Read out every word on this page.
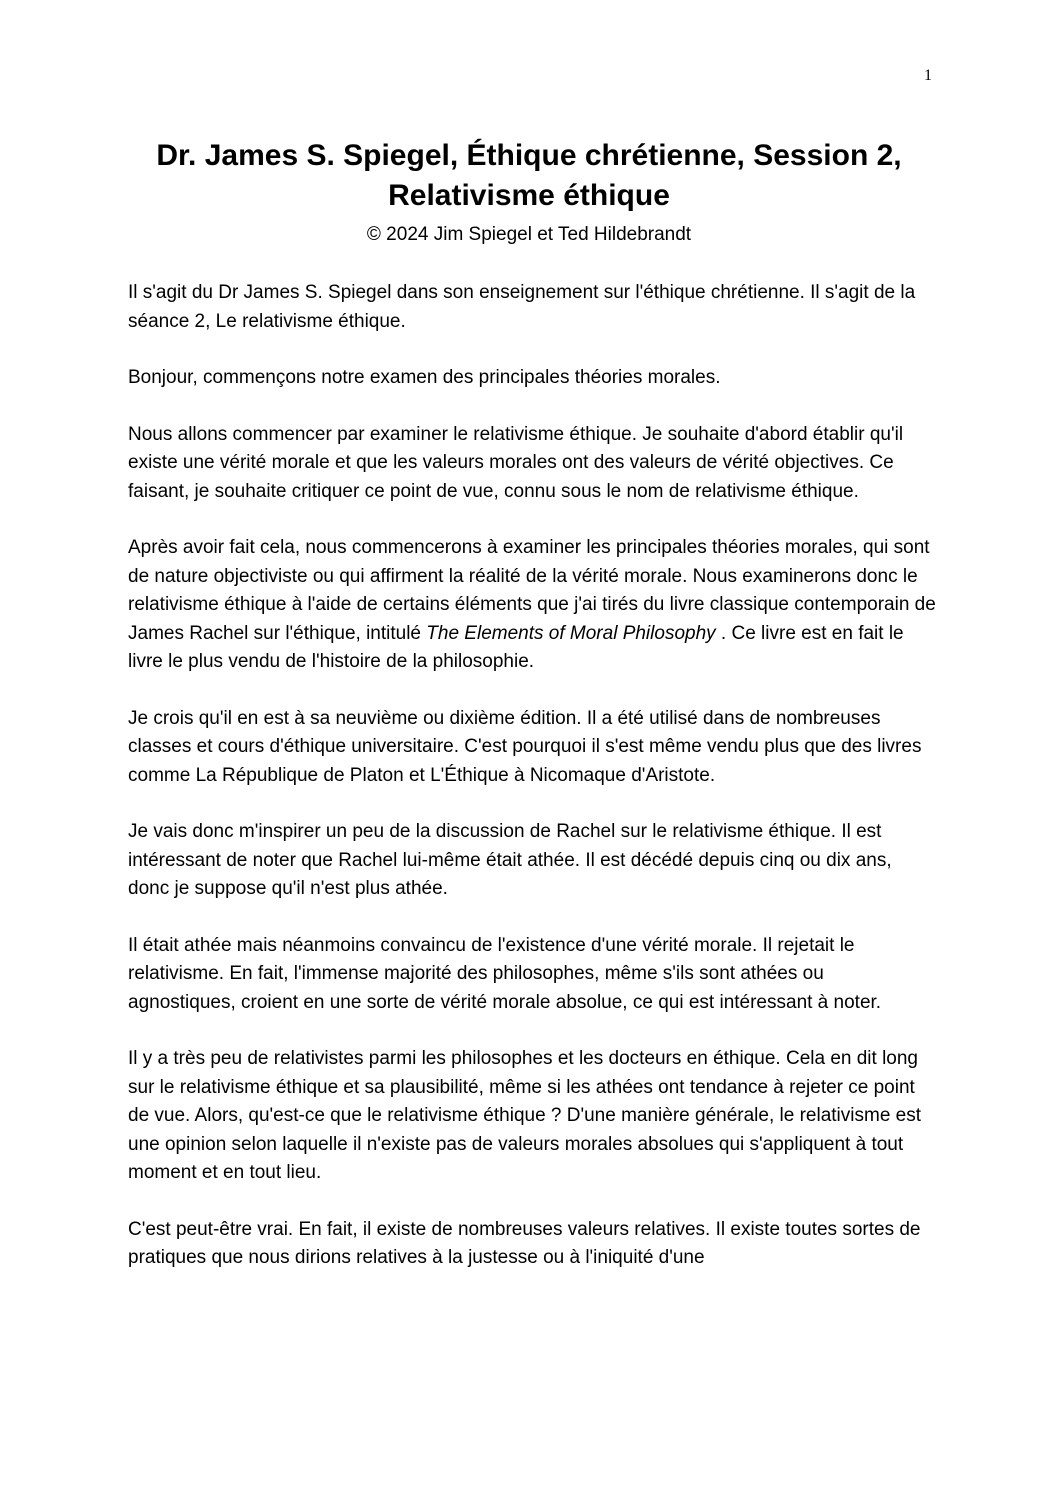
1
Dr. James S. Spiegel, Éthique chrétienne, Session 2,
Relativisme éthique
© 2024 Jim Spiegel et Ted Hildebrandt

Il s'agit du Dr James S. Spiegel dans son enseignement sur l'éthique chrétienne. Il s'agit de la séance 2, Le relativisme éthique.

Bonjour, commençons notre examen des principales théories morales.

Nous allons commencer par examiner le relativisme éthique. Je souhaite d'abord établir qu'il existe une vérité morale et que les valeurs morales ont des valeurs de vérité objectives. Ce faisant, je souhaite critiquer ce point de vue, connu sous le nom de relativisme éthique.

Après avoir fait cela, nous commencerons à examiner les principales théories morales, qui sont de nature objectiviste ou qui affirment la réalité de la vérité morale. Nous examinerons donc le relativisme éthique à l'aide de certains éléments que j'ai tirés du livre classique contemporain de James Rachel sur l'éthique, intitulé The Elements of Moral Philosophy . Ce livre est en fait le livre le plus vendu de l'histoire de la philosophie.

Je crois qu'il en est à sa neuvième ou dixième édition. Il a été utilisé dans de nombreuses classes et cours d'éthique universitaire. C'est pourquoi il s'est même vendu plus que des livres comme La République de Platon et L'Éthique à Nicomaque d'Aristote.

Je vais donc m'inspirer un peu de la discussion de Rachel sur le relativisme éthique. Il est intéressant de noter que Rachel lui-même était athée. Il est décédé depuis cinq ou dix ans, donc je suppose qu'il n'est plus athée.

Il était athée mais néanmoins convaincu de l'existence d'une vérité morale. Il rejetait le relativisme. En fait, l'immense majorité des philosophes, même s'ils sont athées ou agnostiques, croient en une sorte de vérité morale absolue, ce qui est intéressant à noter.

Il y a très peu de relativistes parmi les philosophes et les docteurs en éthique. Cela en dit long sur le relativisme éthique et sa plausibilité, même si les athées ont tendance à rejeter ce point de vue. Alors, qu'est-ce que le relativisme éthique ? D'une manière générale, le relativisme est une opinion selon laquelle il n'existe pas de valeurs morales absolues qui s'appliquent à tout moment et en tout lieu.

C'est peut-être vrai. En fait, il existe de nombreuses valeurs relatives. Il existe toutes sortes de pratiques que nous dirions relatives à la justesse ou à l'iniquité d'une
